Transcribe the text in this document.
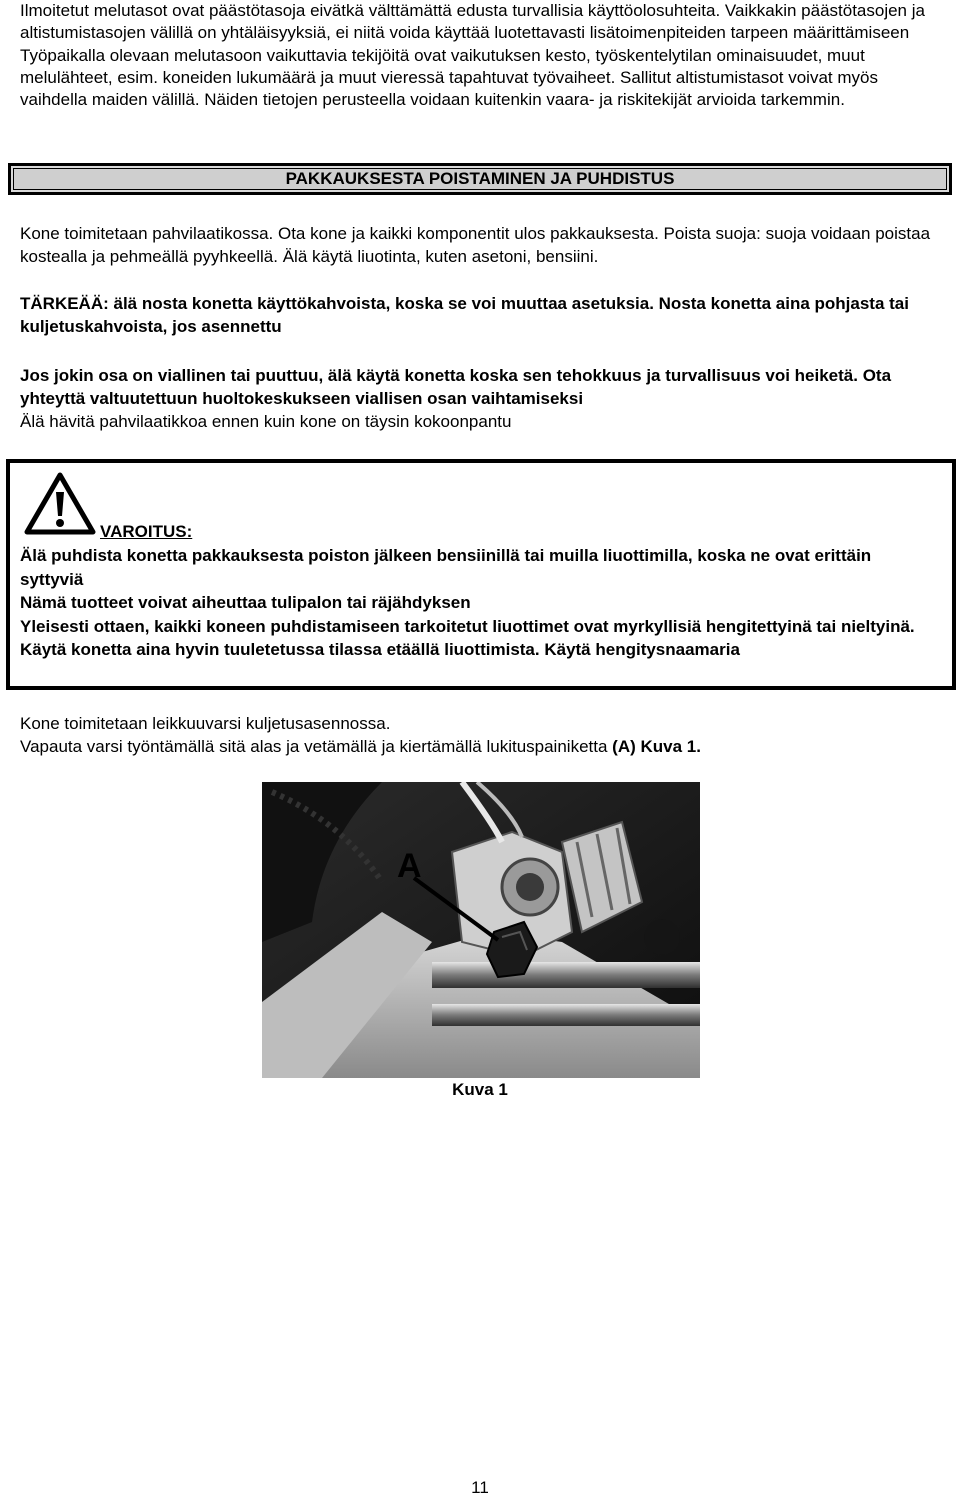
Ilmoitetut melutasot ovat päästötasoja eivätkä välttämättä edusta turvallisia käyttöolosuhteita. Vaikkakin päästötasojen ja altistumistasojen välillä on yhtäläisyyksiä, ei niitä voida käyttää luotettavasti lisätoimenpiteiden tarpeen määrittämiseen Työpaikalla olevaan melutasoon vaikuttavia tekijöitä ovat vaikutuksen kesto, työskentelytilan ominaisuudet, muut melulähteet, esim. koneiden lukumäärä ja muut vieressä tapahtuvat työvaiheet. Sallitut altistumistasot voivat myös vaihdella maiden välillä. Näiden tietojen perusteella voidaan kuitenkin vaara- ja riskitekijät arvioida tarkemmin.

PAKKAUKSESTA POISTAMINEN JA PUHDISTUS

Kone toimitetaan pahvilaatikossa. Ota kone ja kaikki komponentit ulos pakkauksesta. Poista suoja: suoja voidaan poistaa kostealla ja pehmeällä pyyhkeellä. Älä käytä liuotinta, kuten asetoni, bensiini.

TÄRKEÄÄ: älä nosta konetta käyttökahvoista, koska se voi muuttaa asetuksia. Nosta konetta aina pohjasta tai kuljetuskahvoista, jos asennettu

Jos jokin osa on viallinen tai puuttuu, älä käytä konetta koska sen tehokkuus ja turvallisuus voi heiketä. Ota yhteyttä valtuutettuun huoltokeskukseen viallisen osan vaihtamiseksi
Älä hävitä pahvilaatikkoa ennen kuin kone on täysin kokoonpantu
VAROITUS:
Älä puhdista konetta pakkauksesta poiston jälkeen bensiinillä tai muilla liuottimilla, koska ne ovat erittäin syttyviä
Nämä tuotteet voivat aiheuttaa tulipalon tai räjähdyksen
Yleisesti ottaen, kaikki koneen puhdistamiseen tarkoitetut liuottimet ovat myrkyllisiä hengitettyinä tai nieltyinä.
Käytä konetta aina hyvin tuuletetussa tilassa etäällä liuottimista. Käytä hengitysnaamaria
Kone toimitetaan leikkuuvarsi kuljetusasennossa.
Vapauta varsi työntämällä sitä alas ja vetämällä ja kiertämällä lukituspainiketta (A) Kuva 1.
A
Kuva 1
11
